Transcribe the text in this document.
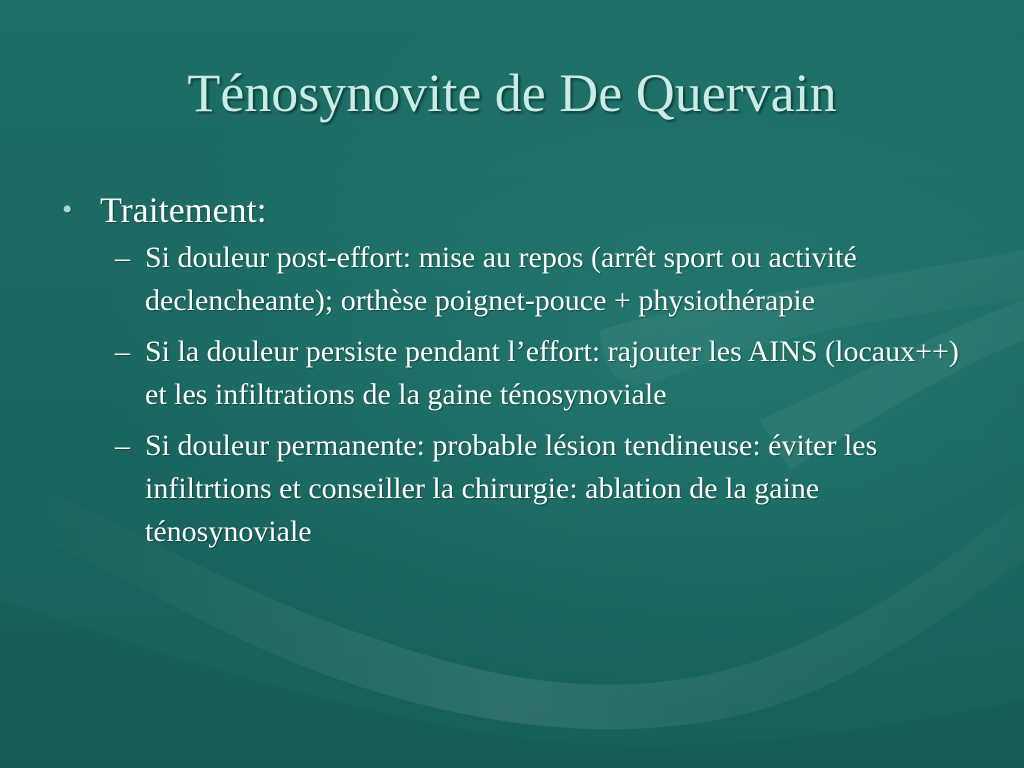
Ténosynovite de De Quervain
• Traitement:
– Si douleur post-effort: mise au repos (arrêt sport ou activité declencheante); orthèse poignet-pouce + physiothérapie
– Si la douleur persiste pendant l’effort: rajouter les AINS (locaux++) et les infiltrations de la gaine ténosynoviale
– Si douleur permanente: probable lésion tendineuse: éviter les infiltrtions et conseiller la chirurgie: ablation de la gaine ténosynoviale
